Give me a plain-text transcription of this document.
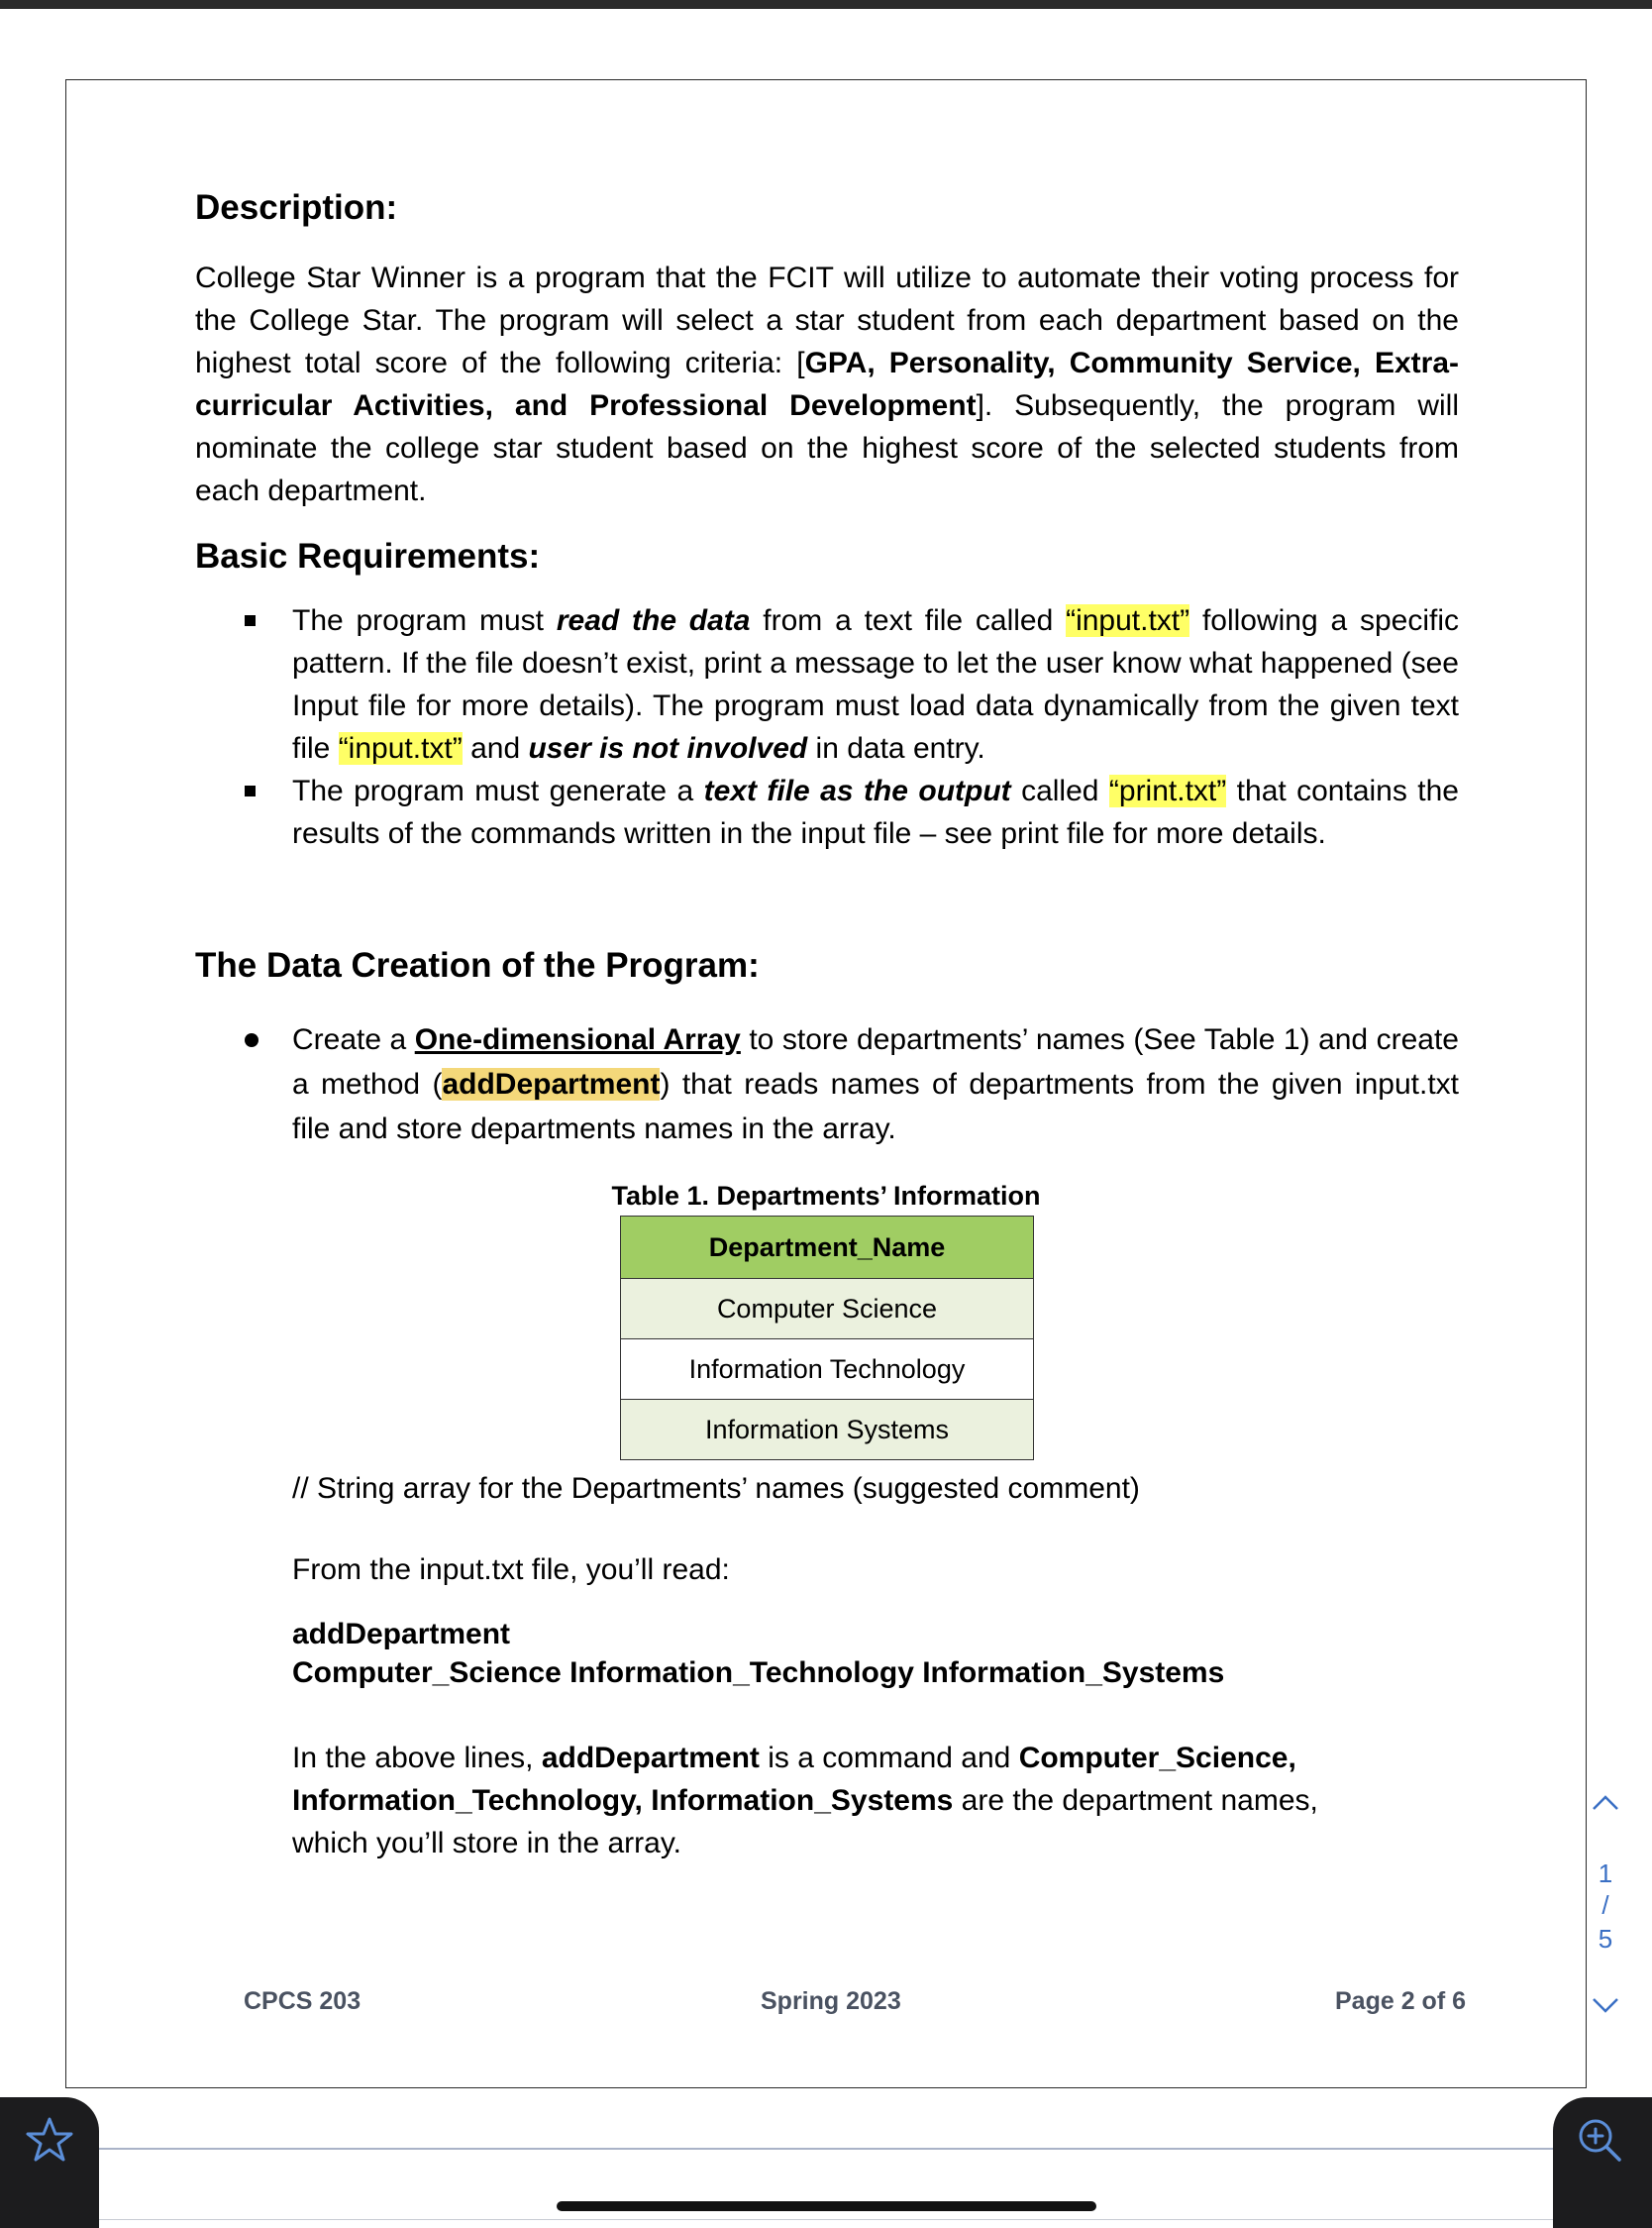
Description:

College Star Winner is a program that the FCIT will utilize to automate their voting process for the College Star. The program will select a star student from each department based on the highest total score of the following criteria: [GPA, Personality, Community Service, Extra-curricular Activities, and Professional Development]. Subsequently, the program will nominate the college star student based on the highest score of the selected students from each department.

Basic Requirements:

The program must read the data from a text file called “input.txt” following a specific pattern. If the file doesn’t exist, print a message to let the user know what happened (see Input file for more details). The program must load data dynamically from the given text file “input.txt” and user is not involved in data entry.

The program must generate a text file as the output called “print.txt” that contains the results of the commands written in the input file – see print file for more details.

The Data Creation of the Program:

Create a One-dimensional Array to store departments’ names (See Table 1) and create a method (addDepartment) that reads names of departments from the given input.txt file and store departments names in the array.

Table 1. Departments’ Information
Department_Name
Computer Science
Information Technology
Information Systems

// String array for the Departments’ names (suggested comment)

From the input.txt file, you’ll read:

addDepartment

Computer_Science Information_Technology Information_Systems

In the above lines, addDepartment is a command and Computer_Science, Information_Technology, Information_Systems are the department names, which you’ll store in the array.

CPCS 203	Spring 2023	Page 2 of 6
1
/
5
